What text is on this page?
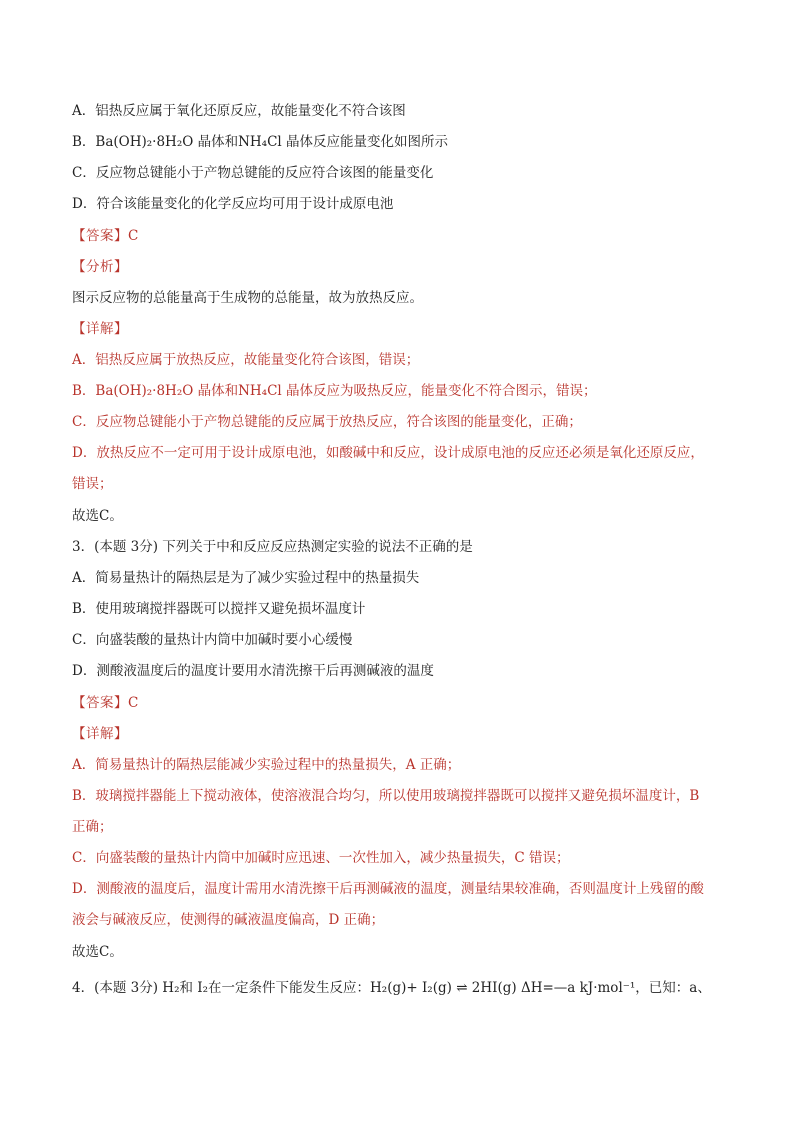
A．铝热反应属于氧化还原反应，故能量变化不符合该图
B．Ba(OH)₂·8H₂O 晶体和NH₄Cl 晶体反应能量变化如图所示
C．反应物总键能小于产物总键能的反应符合该图的能量变化
D．符合该能量变化的化学反应均可用于设计成原电池
【答案】C
【分析】
图示反应物的总能量高于生成物的总能量，故为放热反应。
【详解】
A．铝热反应属于放热反应，故能量变化符合该图，错误；
B．Ba(OH)₂·8H₂O 晶体和NH₄Cl 晶体反应为吸热反应，能量变化不符合图示，错误；
C．反应物总键能小于产物总键能的反应属于放热反应，符合该图的能量变化，正确；
D．放热反应不一定可用于设计成原电池，如酸碱中和反应，设计成原电池的反应还必须是氧化还原反应，
错误；
故选C。
3．(本题 3分) 下列关于中和反应反应热测定实验的说法不正确的是
A．简易量热计的隔热层是为了减少实验过程中的热量损失
B．使用玻璃搅拌器既可以搅拌又避免损坏温度计
C．向盛装酸的量热计内筒中加碱时要小心缓慢
D．测酸液温度后的温度计要用水清洗擦干后再测碱液的温度
【答案】C
【详解】
A．简易量热计的隔热层能减少实验过程中的热量损失，A 正确；
B．玻璃搅拌器能上下搅动液体，使溶液混合均匀，所以使用玻璃搅拌器既可以搅拌又避免损坏温度计，B
正确；
C．向盛装酸的量热计内筒中加碱时应迅速、一次性加入，减少热量损失，C 错误；
D．测酸液的温度后，温度计需用水清洗擦干后再测碱液的温度，测量结果较准确，否则温度计上残留的酸
液会与碱液反应，使测得的碱液温度偏高，D 正确；
故选C。
4．(本题 3分) H₂和 I₂在一定条件下能发生反应：H₂(g)+ I₂(g) ⇌ 2HI(g) ΔH=—a kJ·mol⁻¹，已知：a、
